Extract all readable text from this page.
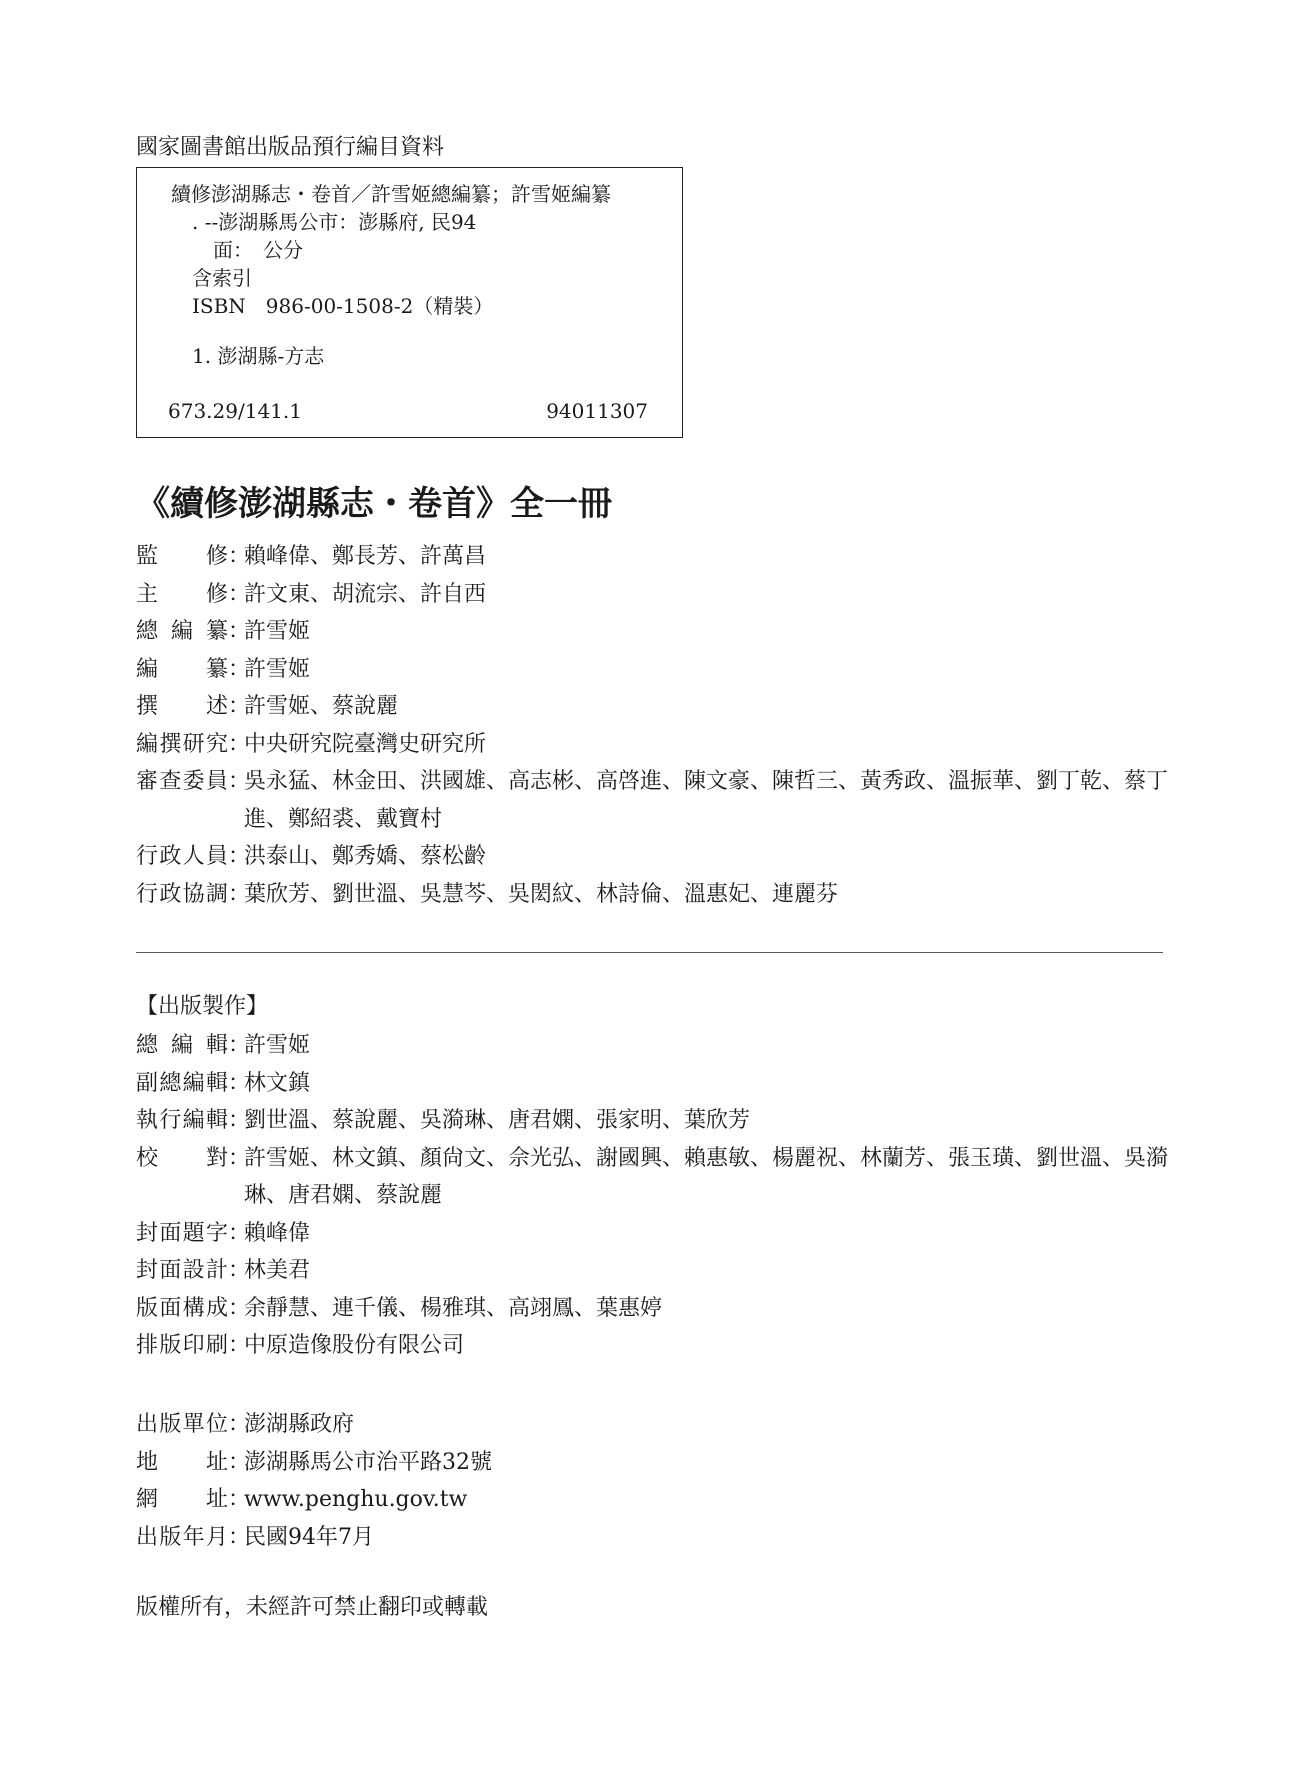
國家圖書館出版品預行編目資料
續修澎湖縣志・卷首／許雪姬總編纂；許雪姬編纂
. --澎湖縣馬公市：澎縣府, 民94
面：　公分
含索引
ISBN　986-00-1508-2（精裝）
1. 澎湖縣-方志
673.29/141.1	94011307
《續修澎湖縣志・卷首》全一冊
監 修 ：
賴峰偉、鄭長芳、許萬昌
主 修 ：
許文東、胡流宗、許自西
總 編 纂 ：
許雪姬
編 纂 ：
許雪姬
撰 述 ：
許雪姬、蔡說麗
編 撰 研 究 ：
中央研究院臺灣史研究所
審 查 委 員 ：
吳永猛、林金田、洪國雄、高志彬、高啓進、陳文豪、陳哲三、黃秀政、溫振華、劉丁乾、蔡丁進、鄭紹裘、戴寶村
行 政 人 員 ：
洪泰山、鄭秀嬌、蔡松齡
行 政 協 調 ：
葉欣芳、劉世溫、吳慧芩、吳閎紋、林詩倫、溫惠妃、連麗芬
【出版製作】
總 編 輯 ：
許雪姬
副 總 編 輯 ：
林文鎮
執 行 編 輯 ：
劉世溫、蔡說麗、吳漪琳、唐君嫻、張家明、葉欣芳
校 對 ：
許雪姬、林文鎮、顏尙文、佘光弘、謝國興、賴惠敏、楊麗祝、林蘭芳、張玉璜、劉世溫、吳漪琳、唐君嫻、蔡說麗
封 面 題 字 ：
賴峰偉
封 面 設 計 ：
林美君
版 面 構 成 ：
余靜慧、連千儀、楊雅琪、高翊鳳、葉惠婷
排 版 印 刷 ：
中原造像股份有限公司
出 版 單 位 ：
澎湖縣政府
地 址 ：
澎湖縣馬公市治平路32號
網 址 ：
www.penghu.gov.tw
出 版 年 月 ：
民國94年7月
版權所有，未經許可禁止翻印或轉載
